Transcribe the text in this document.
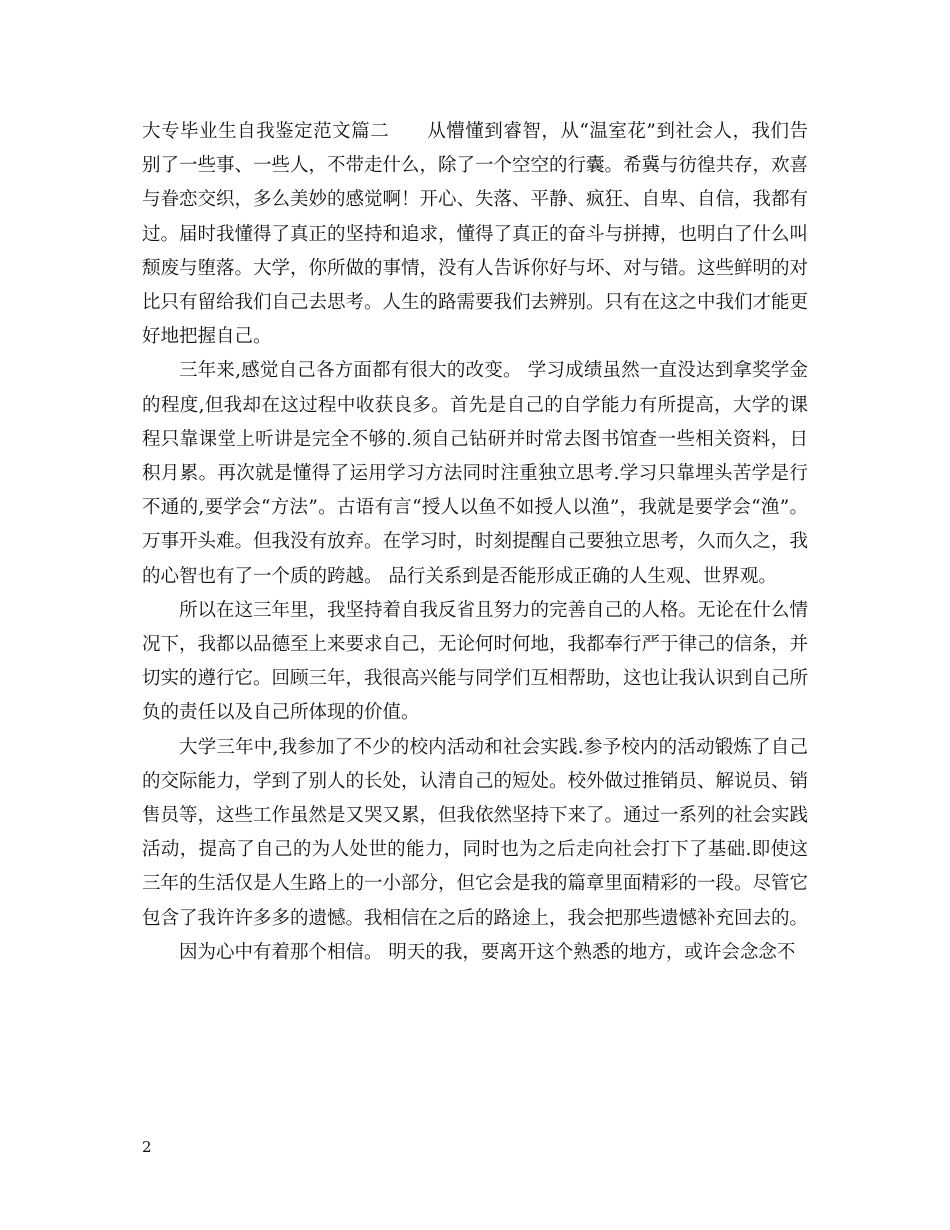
大专毕业生自我鉴定范文篇二　　从懵懂到睿智，从“温室花”到社会人，我们告别了一些事、一些人，不带走什么，除了一个空空的行囊。希冀与彷徨共存，欢喜与眷恋交织，多么美妙的感觉啊！开心、失落、平静、疯狂、自卑、自信，我都有过。届时我懂得了真正的坚持和追求，懂得了真正的奋斗与拼搏，也明白了什么叫颓废与堕落。大学，你所做的事情，没有人告诉你好与坏、对与错。这些鲜明的对比只有留给我们自己去思考。人生的路需要我们去辨别。只有在这之中我们才能更好地把握自己。

三年来,感觉自己各方面都有很大的改变。 学习成绩虽然一直没达到拿奖学金的程度,但我却在这过程中收获良多。首先是自己的自学能力有所提高，大学的课程只靠课堂上听讲是完全不够的.须自己钻研并时常去图书馆查一些相关资料，日积月累。再次就是懂得了运用学习方法同时注重独立思考.学习只靠埋头苦学是行不通的,要学会“方法”。古语有言“授人以鱼不如授人以渔”，我就是要学会“渔”。万事开头难。但我没有放弃。在学习时，时刻提醒自己要独立思考，久而久之，我的心智也有了一个质的跨越。 品行关系到是否能形成正确的人生观、世界观。

所以在这三年里，我坚持着自我反省且努力的完善自己的人格。无论在什么情况下，我都以品德至上来要求自己，无论何时何地，我都奉行严于律己的信条，并切实的遵行它。回顾三年，我很高兴能与同学们互相帮助，这也让我认识到自己所负的责任以及自己所体现的价值。

大学三年中,我参加了不少的校内活动和社会实践.参予校内的活动锻炼了自己的交际能力，学到了别人的长处，认清自己的短处。校外做过推销员、解说员、销售员等，这些工作虽然是又哭又累，但我依然坚持下来了。通过一系列的社会实践活动，提高了自己的为人处世的能力，同时也为之后走向社会打下了基础.即使这三年的生活仅是人生路上的一小部分，但它会是我的篇章里面精彩的一段。尽管它包含了我许许多多的遗憾。我相信在之后的路途上，我会把那些遗憾补充回去的。

因为心中有着那个相信。 明天的我，要离开这个熟悉的地方，或许会念念不

2
